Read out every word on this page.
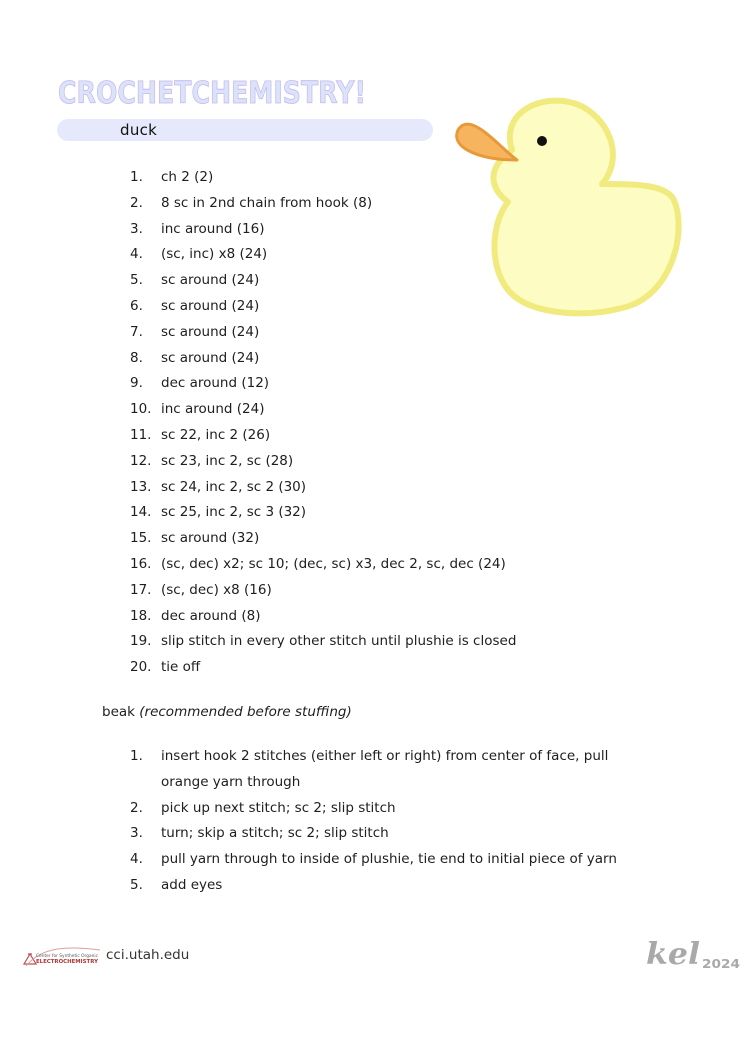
CROCHETCHEMISTRY!
duck
1. ch 2 (2)
2. 8 sc in 2nd chain from hook (8)
3. inc around (16)
4. (sc, inc) x8 (24)
5. sc around (24)
6. sc around (24)
7. sc around (24)
8. sc around (24)
9. dec around (12)
10. inc around (24)
11. sc 22, inc 2 (26)
12. sc 23, inc 2, sc (28)
13. sc 24, inc 2, sc 2 (30)
14. sc 25, inc 2, sc 3 (32)
15. sc around (32)
16. (sc, dec) x2; sc 10; (dec, sc) x3, dec 2, sc, dec (24)
17. (sc, dec) x8 (16)
18. dec around (8)
19. slip stitch in every other stitch until plushie is closed
20. tie off
beak (recommended before stuffing)
1. insert hook 2 stitches (either left or right) from center of face, pull orange yarn through
2. pick up next stitch; sc 2; slip stitch
3. turn; skip a stitch; sc 2; slip stitch
4. pull yarn through to inside of plushie, tie end to initial piece of yarn
5. add eyes
Center for Synthetic Organic
ELECTROCHEMISTRY cci.utah.edu	kel 2024
